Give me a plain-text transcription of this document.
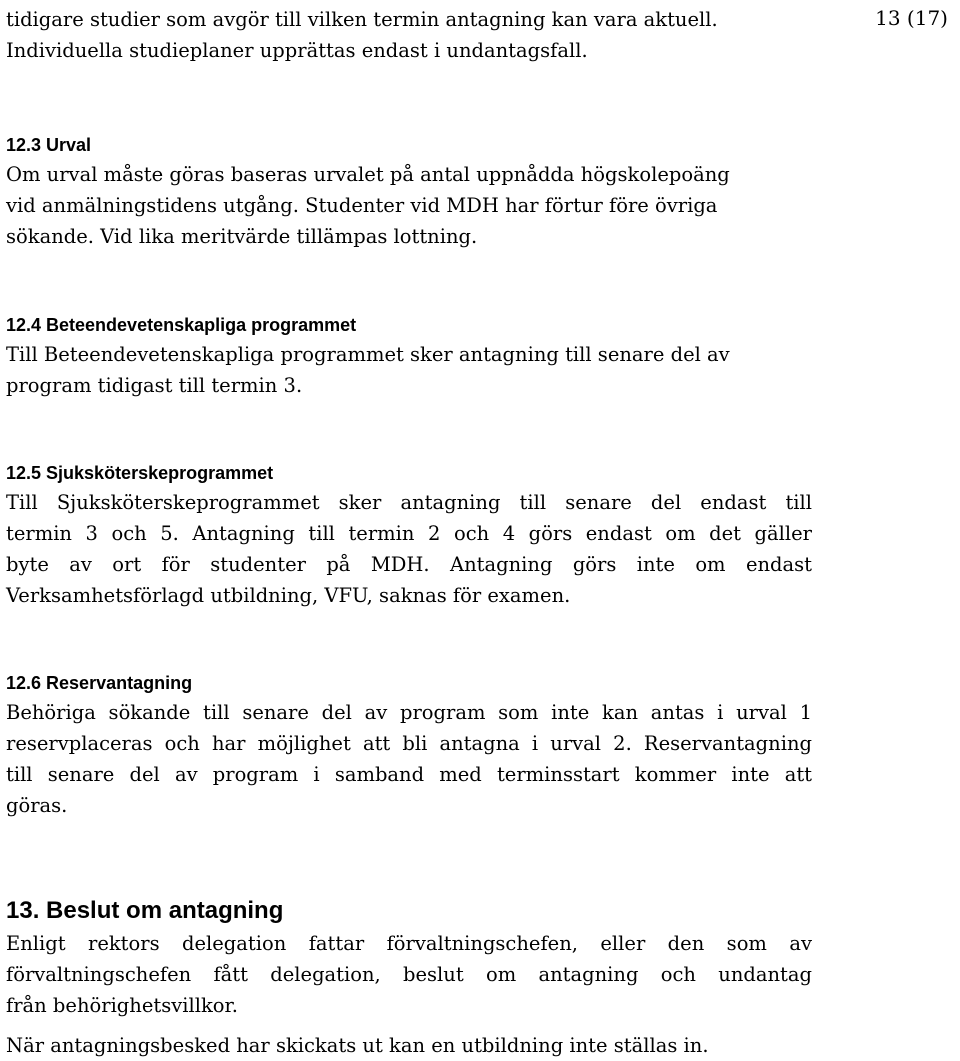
13 (17)

tidigare studier som avgör till vilken termin antagning kan vara aktuell.
Individuella studieplaner upprättas endast i undantagsfall.

12.3 Urval

Om urval måste göras baseras urvalet på antal uppnådda högskolepoäng
vid anmälningstidens utgång. Studenter vid MDH har förtur före övriga
sökande. Vid lika meritvärde tillämpas lottning.

12.4 Beteendevetenskapliga programmet

Till Beteendevetenskapliga programmet sker antagning till senare del av
program tidigast till termin 3.

12.5 Sjuksköterskeprogrammet

Till Sjuksköterskeprogrammet sker antagning till senare del endast till
termin 3 och 5. Antagning till termin 2 och 4 görs endast om det gäller
byte av ort för studenter på MDH. Antagning görs inte om endast
Verksamhetsförlagd utbildning, VFU, saknas för examen.

12.6 Reservantagning

Behöriga sökande till senare del av program som inte kan antas i urval 1
reservplaceras och har möjlighet att bli antagna i urval 2. Reservantagning
till senare del av program i samband med terminsstart kommer inte att
göras.

13. Beslut om antagning

Enligt rektors delegation fattar förvaltningschefen, eller den som av
förvaltningschefen fått delegation, beslut om antagning och undantag
från behörighetsvillkor.

När antagningsbesked har skickats ut kan en utbildning inte ställas in.
